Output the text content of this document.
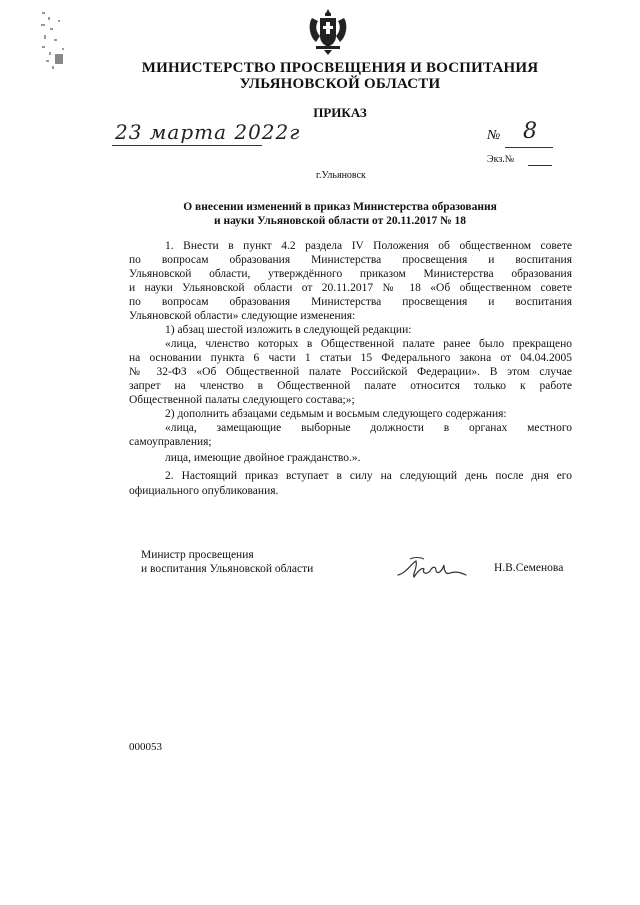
МИНИСТЕРСТВО ПРОСВЕЩЕНИЯ И ВОСПИТАНИЯ
УЛЬЯНОВСКОЙ ОБЛАСТИ
ПРИКАЗ
23 марта 2022г	№	8
Экз.№
г.Ульяновск
О внесении изменений в приказ Министерства образования
и науки Ульяновской области от 20.11.2017 № 18
1. Внести в пункт 4.2 раздела IV Положения об общественном совете
по вопросам образования Министерства просвещения и воспитания
Ульяновской области, утверждённого приказом Министерства образования
и науки Ульяновской области от 20.11.2017 № 18 «Об общественном совете
по вопросам образования Министерства просвещения и воспитания
Ульяновской области» следующие изменения:
1) абзац шестой изложить в следующей редакции:
«лица, членство которых в Общественной палате ранее было прекращено
на основании пункта 6 части 1 статьи 15 Федерального закона от 04.04.2005
№ 32-ФЗ «Об Общественной палате Российской Федерации». В этом случае
запрет на членство в Общественной палате относится только к работе
Общественной палаты следующего состава;»;
2) дополнить абзацами седьмым и восьмым следующего содержания:
«лица, замещающие выборные должности в органах местного
самоуправления;
лица, имеющие двойное гражданство.».
2. Настоящий приказ вступает в силу на следующий день после дня его
официального опубликования.
Министр просвещения
и воспитания Ульяновской области	Н.В.Семенова
000053
